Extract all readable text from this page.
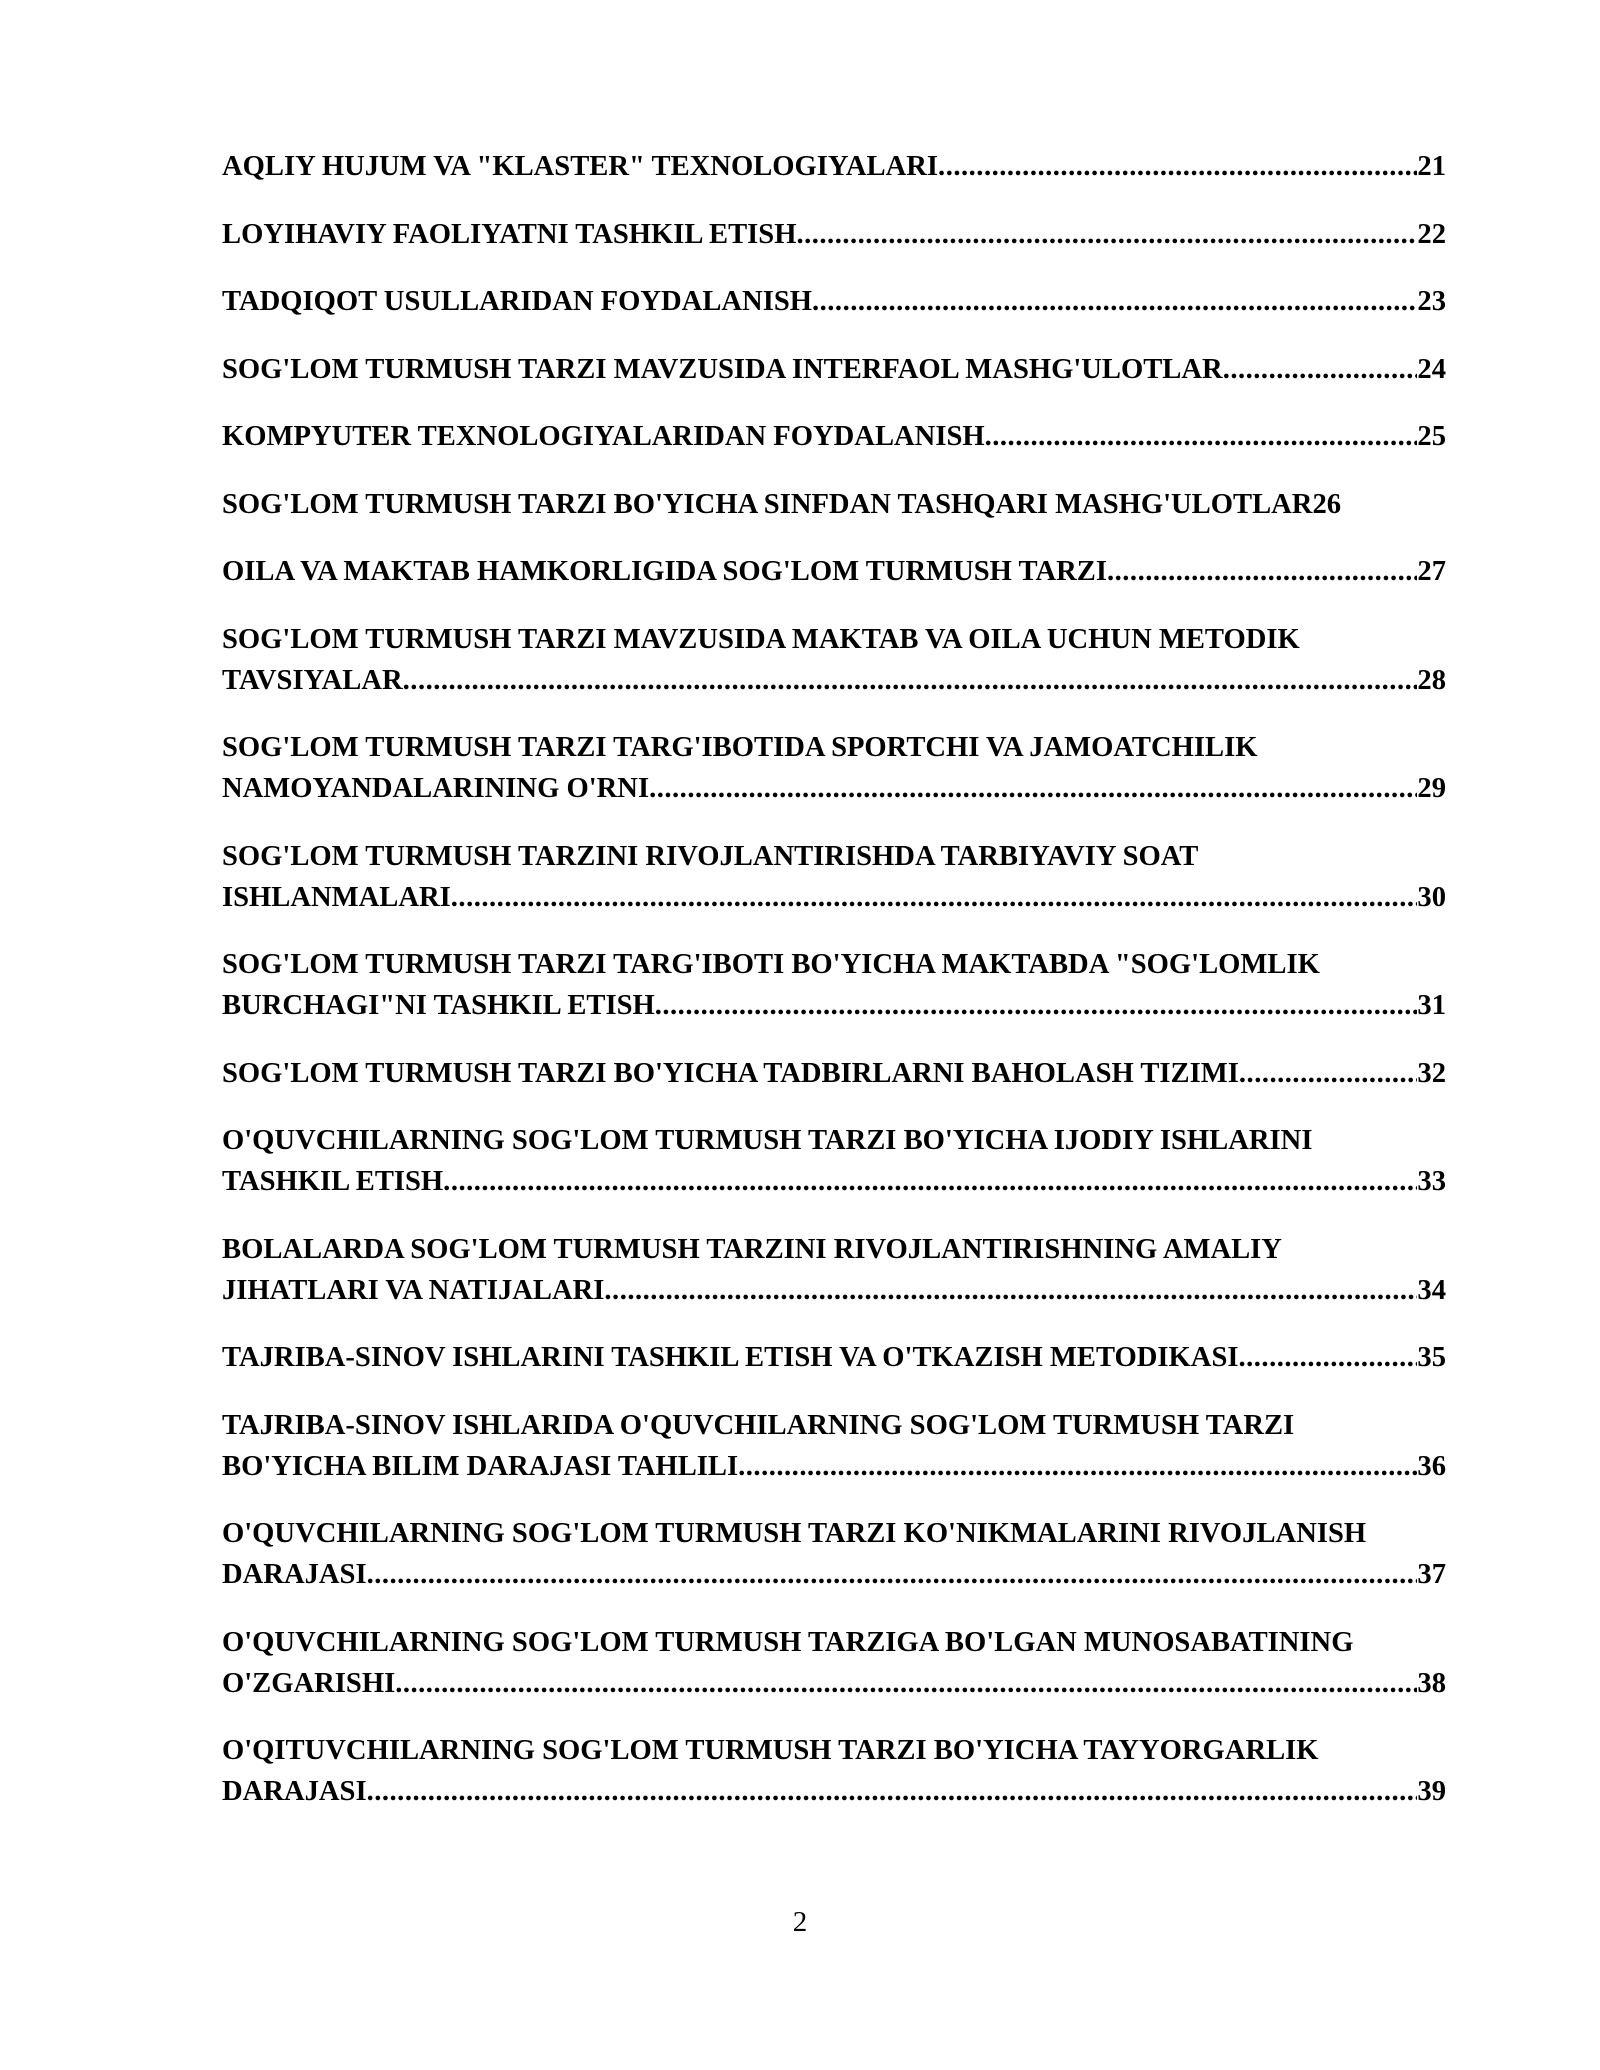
AQLIY HUJUM VA "KLASTER" TEXNOLOGIYALARI .....	21
LOYIHAVIY FAOLIYATNI TASHKIL ETISH .....	22
TADQIQOT USULLARIDAN FOYDALANISH .....	23
SOG'LOM TURMUSH TARZI MAVZUSIDA INTERFAOL MASHG'ULOTLAR .....	24
KOMPYUTER TEXNOLOGIYALARIDAN FOYDALANISH .....	25
SOG'LOM TURMUSH TARZI BO'YICHA SINFDAN TASHQARI MASHG'ULOTLAR 26
OILA VA MAKTAB HAMKORLIGIDA SOG'LOM TURMUSH TARZI .....	27
SOG'LOM TURMUSH TARZI MAVZUSIDA MAKTAB VA OILA UCHUN METODIK
TAVSIYALAR .....	28
SOG'LOM TURMUSH TARZI TARG'IBOTIDA SPORTCHI VA JAMOATCHILIK
NAMOYANDALARINING O'RNI .....	29
SOG'LOM TURMUSH TARZINI RIVOJLANTIRISHDA TARBIYAVIY SOAT
ISHLANMALARI .....	30
SOG'LOM TURMUSH TARZI TARG'IBOTI BO'YICHA MAKTABDA "SOG'LOMLIK
BURCHAGI"NI TASHKIL ETISH .....	31
SOG'LOM TURMUSH TARZI BO'YICHA TADBIRLARNI BAHOLASH TIZIMI .....	32
O'QUVCHILARNING SOG'LOM TURMUSH TARZI BO'YICHA IJODIY ISHLARINI
TASHKIL ETISH .....	33
BOLALARDA SOG'LOM TURMUSH TARZINI RIVOJLANTIRISHNING AMALIY
JIHATLARI VA NATIJALARI .....	34
TAJRIBA-SINOV ISHLARINI TASHKIL ETISH VA O'TKAZISH METODIKASI .....	35
TAJRIBA-SINOV ISHLARIDA O'QUVCHILARNING SOG'LOM TURMUSH TARZI
BO'YICHA BILIM DARAJASI TAHLILI .....	36
O'QUVCHILARNING SOG'LOM TURMUSH TARZI KO'NIKMALARINI RIVOJLANISH
DARAJASI .....	37
O'QUVCHILARNING SOG'LOM TURMUSH TARZIGA BO'LGAN MUNOSABATINING
O'ZGARISHI .....	38
O'QITUVCHILARNING SOG'LOM TURMUSH TARZI BO'YICHA TAYYORGARLIK
DARAJASI .....	39
2
